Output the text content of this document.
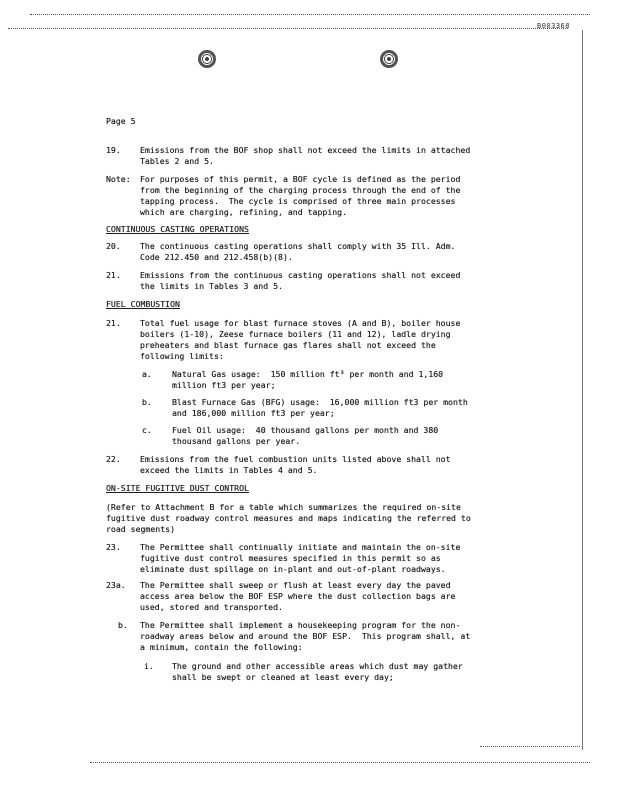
B003368
Page 5
19. Emissions from the BOF shop shall not exceed the limits in attached
Tables 2 and 5.
Note: For purposes of this permit, a BOF cycle is defined as the period
from the beginning of the charging process through the end of the
tapping process.  The cycle is comprised of three main processes
which are charging, refining, and tapping.
CONTINUOUS CASTING OPERATIONS
20. The continuous casting operations shall comply with 35 Ill. Adm.
Code 212.450 and 212.458(b)(8).
21. Emissions from the continuous casting operations shall not exceed
the limits in Tables 3 and 5.
FUEL COMBUSTION
21. Total fuel usage for blast furnace stoves (A and B), boiler house
boilers (1-10), Zeese furnace boilers (11 and 12), ladle drying
preheaters and blast furnace gas flares shall not exceed the
following limits:
a. Natural Gas usage:  150 million ft³ per month and 1,160
million ft3 per year;
b. Blast Furnace Gas (BFG) usage:  16,000 million ft3 per month
and 186,000 million ft3 per year;
c. Fuel Oil usage:  40 thousand gallons per month and 380
thousand gallons per year.
22. Emissions from the fuel combustion units listed above shall not
exceed the limits in Tables 4 and 5.
ON-SITE FUGITIVE DUST CONTROL
(Refer to Attachment B for a table which summarizes the required on-site
fugitive dust roadway control measures and maps indicating the referred to
road segments)
23. The Permittee shall continually initiate and maintain the on-site
fugitive dust control measures specified in this permit so as
eliminate dust spillage on in-plant and out-of-plant roadways.
23a. The Permittee shall sweep or flush at least every day the paved
access area below the BOF ESP where the dust collection bags are
used, stored and transported.
b. The Permittee shall implement a housekeeping program for the non-
roadway areas below and around the BOF ESP.  This program shall, at
a minimum, contain the following:
i. The ground and other accessible areas which dust may gather
shall be swept or cleaned at least every day;
